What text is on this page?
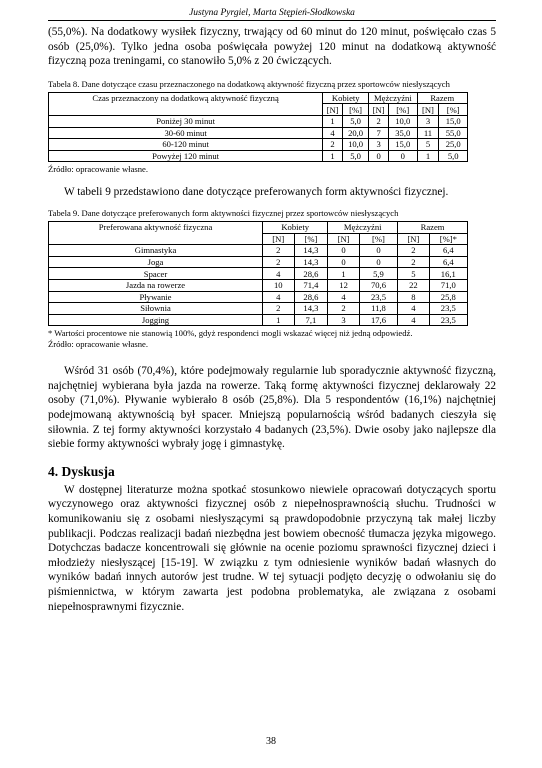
Justyna Pyrgiel, Marta Stępień-Słodkowska

(55,0%). Na dodatkowy wysiłek fizyczny, trwający od 60 minut do 120 minut, poświęcało czas 5 osób (25,0%). Tylko jedna osoba poświęcała powyżej 120 minut na dodatkową aktywność fizyczną poza treningami, co stanowiło 5,0% z 20 ćwiczących.

Tabela 8. Dane dotyczące czasu przeznaczonego na dodatkową aktywność fizyczną przez sportowców niesłyszących

Czas przeznaczony na dodatkową aktywność fizyczną	Kobiety		Mężczyźni		Razem	
	[N]	[%]	[N]	[%]	[N]	[%]
Poniżej 30 minut	1	5,0	2	10,0	3	15,0
30-60 minut	4	20,0	7	35,0	11	55,0
60-120 minut	2	10,0	3	15,0	5	25,0
Powyżej 120 minut	1	5,0	0	0	1	5,0

Źródło: opracowanie własne.

W tabeli 9 przedstawiono dane dotyczące preferowanych form aktywności fizycznej.

Tabela 9. Dane dotyczące preferowanych form aktywności fizycznej przez sportowców niesłyszących

Preferowana aktywność fizyczna	Kobiety		Mężczyźni		Razem	
	[N]	[%]	[N]	[%]	[N]	[%]*
Gimnastyka	2	14,3	0	0	2	6,4
Joga	2	14,3	0	0	2	6,4
Spacer	4	28,6	1	5,9	5	16,1
Jazda na rowerze	10	71,4	12	70,6	22	71,0
Pływanie	4	28,6	4	23,5	8	25,8
Siłownia	2	14,3	2	11,8	4	23,5
Jogging	1	7,1	3	17,6	4	23,5

* Wartości procentowe nie stanowią 100%, gdyż respondenci mogli wskazać więcej niż jedną odpowiedź.

Źródło: opracowanie własne.

Wśród 31 osób (70,4%), które podejmowały regularnie lub sporadycznie aktywność fizyczną, najchętniej wybierana była jazda na rowerze. Taką formę aktywności fizycznej deklarowały 22 osoby (71,0%). Pływanie wybierało 8 osób (25,8%). Dla 5 respondentów (16,1%) najchętniej podejmowaną aktywnością był spacer. Mniejszą popularnością wśród badanych cieszyła się siłownia. Z tej formy aktywności korzystało 4 badanych (23,5%). Dwie osoby jako najlepsze dla siebie formy aktywności wybrały jogę i gimnastykę.

4. Dyskusja

W dostępnej literaturze można spotkać stosunkowo niewiele opracowań dotyczących sportu wyczynowego oraz aktywności fizycznej osób z niepełnosprawnością słuchu. Trudności w komunikowaniu się z osobami niesłyszącymi są prawdopodobnie przyczyną tak małej liczby publikacji. Podczas realizacji badań niezbędna jest bowiem obecność tłumacza języka migowego. Dotychczas badacze koncentrowali się głównie na ocenie poziomu sprawności fizycznej dzieci i młodzieży niesłyszącej [15-19]. W związku z tym odniesienie wyników badań własnych do wyników badań innych autorów jest trudne. W tej sytuacji podjęto decyzję o odwołaniu się do piśmiennictwa, w którym zawarta jest podobna problematyka, ale związana z osobami niepełnosprawnymi fizycznie.

38
